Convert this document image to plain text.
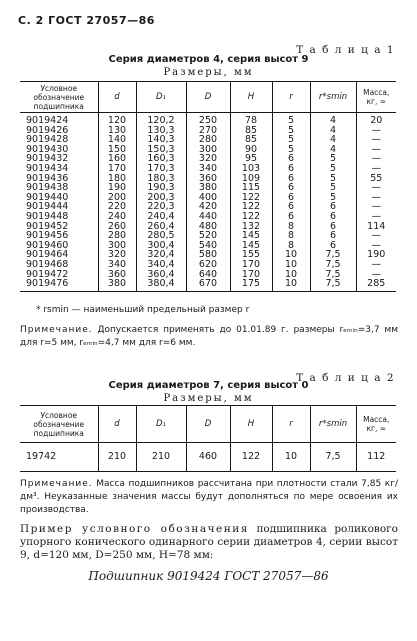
С. 2 ГОСТ 27057—86
Т а б л и ц а 1
Серия диаметров 4, серия высот 9
Размеры, мм
Условное обозначение подшипника	d	D₁	D	H	r	r*smin	Масса, кг, ≈
9019424	120	120,2	250	78	5	4	20
9019426	130	130,3	270	85	5	4	—
9019428	140	140,3	280	85	5	4	—
9019430	150	150,3	300	90	5	4	—
9019432	160	160,3	320	95	6	5	—
9019434	170	170,3	340	103	6	5	—
9019436	180	180,3	360	109	6	5	55
9019438	190	190,3	380	115	6	5	—
9019440	200	200,3	400	122	6	5	—
9019444	220	220,3	420	122	6	6	—
9019448	240	240,4	440	122	6	6	—
9019452	260	260,4	480	132	8	6	114
9019456	280	280,5	520	145	8	6	—
9019460	300	300,4	540	145	8	6	—
9019464	320	320,4	580	155	10	7,5	190
9019468	340	340,4	620	170	10	7,5	—
9019472	360	360,4	640	170	10	7,5	—
9019476	380	380,4	670	175	10	7,5	285
* rsmin — наименьший предельный размер r
Примечание. Допускается применять до 01.01.89 г. размеры rₑₘᵢₙ=3,7 мм для r=5 мм, rₑₘᵢₙ=4,7 мм для r=6 мм.
Т а б л и ц а 2
Серия диаметров 7, серия высот 0
Размеры, мм
Условное обозначение подшипника	d	D₁	D	H	r	r*smin	Масса, кг, ≈
19742	210	210	460	122	10	7,5	112
Примечание. Масса подшипников рассчитана при плотности стали 7,85 кг/дм³. Неуказанные значения массы будут дополняться по мере освоения их производства.
Пример условного обозначения подшипника роликового упорного конического одинарного серии диаметров 4, серии высот 9, d=120 мм, D=250 мм, H=78 мм:
Подшипник 9019424 ГОСТ 27057—86
